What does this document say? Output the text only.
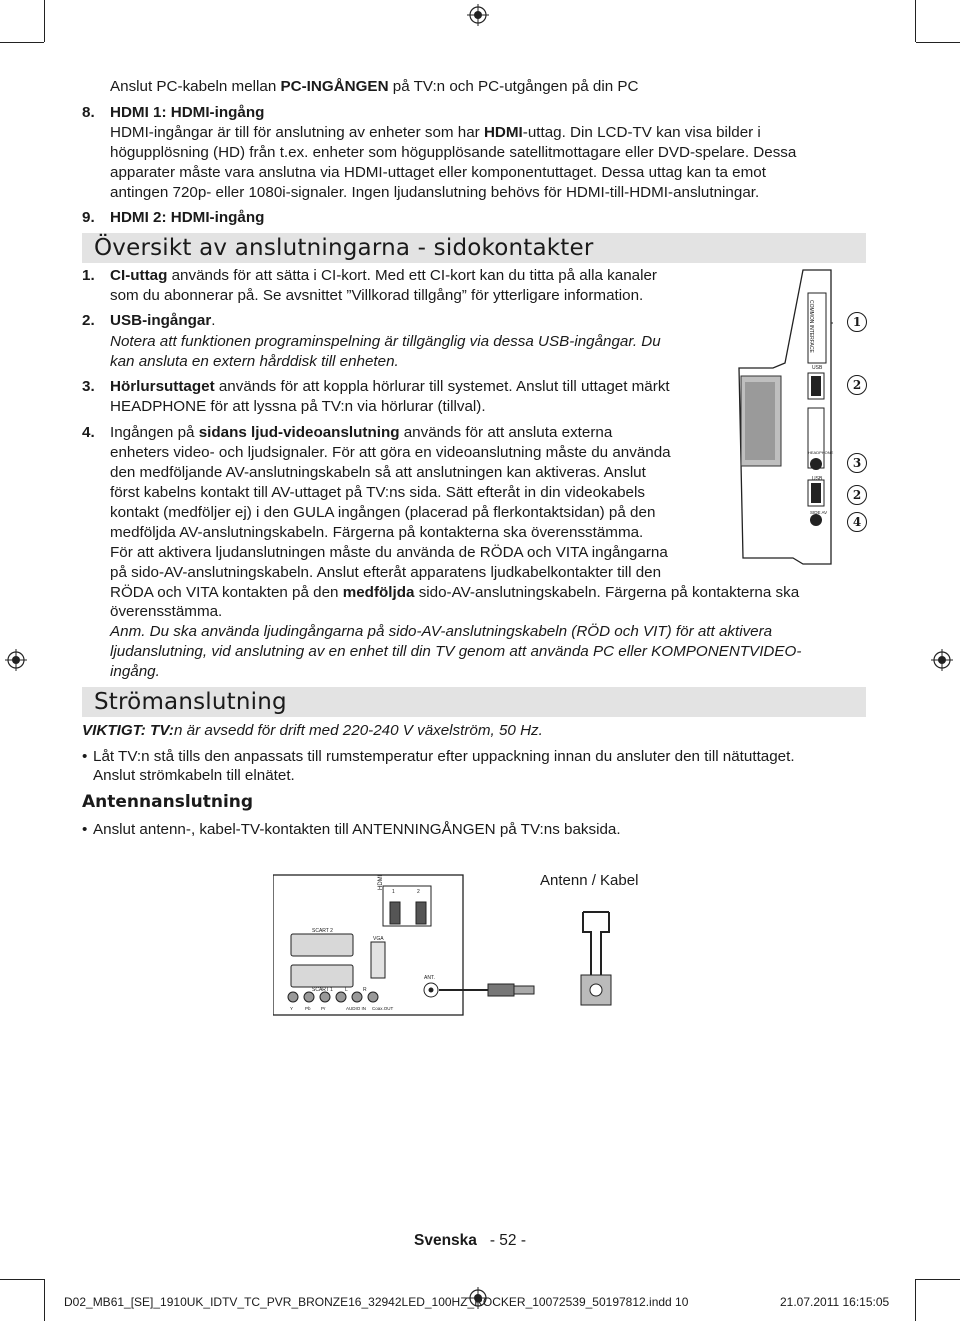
Anslut PC-kabeln mellan PC-INGÅNGEN på TV:n och PC-utgången på din PC
8. HDMI 1: HDMI-ingång
HDMI-ingångar är till för anslutning av enheter som har HDMI-uttag. Din LCD-TV kan visa bilder i
högupplösning (HD) från t.ex. enheter som högupplösande satellitmottagare eller DVD-spelare. Dessa
apparater måste vara anslutna via HDMI-uttaget eller komponentuttaget. Dessa uttag kan ta emot
antingen 720p- eller 1080i-signaler. Ingen ljudanslutning behövs för HDMI-till-HDMI-anslutningar.
9. HDMI 2: HDMI-ingång
Översikt av anslutningarna - sidokontakter
1. CI-uttag används för att sätta i CI-kort. Med ett CI-kort kan du titta på alla kanaler
som du abonnerar på. Se avsnittet ”Villkorad tillgång” för ytterligare information.
2. USB-ingångar.
Notera att funktionen programinspelning är tillgänglig via dessa USB-ingångar. Du
kan ansluta en extern hårddisk till enheten.
3. Hörlursuttaget används för att koppla hörlurar till systemet. Anslut till uttaget märkt
HEADPHONE för att lyssna på TV:n via hörlurar (tillval).
4. Ingången på sidans ljud-videoanslutning används för att ansluta externa
enheters video- och ljudsignaler. För att göra en videoanslutning måste du använda
den medföljande AV-anslutningskabeln så att anslutningen kan aktiveras. Anslut
först kabelns kontakt till AV-uttaget på TV:ns sida. Sätt efteråt in din videokabels
kontakt (medföljer ej) i den GULA ingången (placerad på flerkontaktsidan) på den
medföljda AV-anslutningskabeln. Färgerna på kontakterna ska överensstämma.
För att aktivera ljudanslutningen måste du använda de RÖDA och VITA ingångarna
på sido-AV-anslutningskabeln. Anslut efteråt apparatens ljudkabelkontakter till den
RÖDA och VITA kontakten på den medföljda sido-AV-anslutningskabeln. Färgerna på kontakterna ska
överensstämma.
Anm. Du ska använda ljudingångarna på sido-AV-anslutningskabeln (RÖD och VIT) för att aktivera
ljudanslutning, vid anslutning av en enhet till din TV genom att använda PC eller KOMPONENTVIDEO-
ingång.
Strömanslutning
VIKTIGT: TV:n är avsedd för drift med 220-240 V växelström, 50 Hz.
• Låt TV:n stå tills den anpassats till rumstemperatur efter uppackning innan du ansluter den till nätuttaget.
Anslut strömkabeln till elnätet.
Antennanslutning
• Anslut antenn-, kabel-TV-kontakten till ANTENNINGÅNGEN på TV:ns baksida.
COMMON INTERFACE
USB
USB
SIDE AV
HEADPHONE
1
2
3
2
4
HDMI
1	2
SCART 2
SCART 1
VGA
ANT.
L	R
Y	Pb Pr	AUDIO IN Coax.OUT
Antenn / Kabel
Svenska - 52 -
D02_MB61_[SE]_1910UK_IDTV_TC_PVR_BRONZE16_32942LED_100HZ_ROCKER_10072539_50197812.indd 10	21.07.2011 16:15:05
